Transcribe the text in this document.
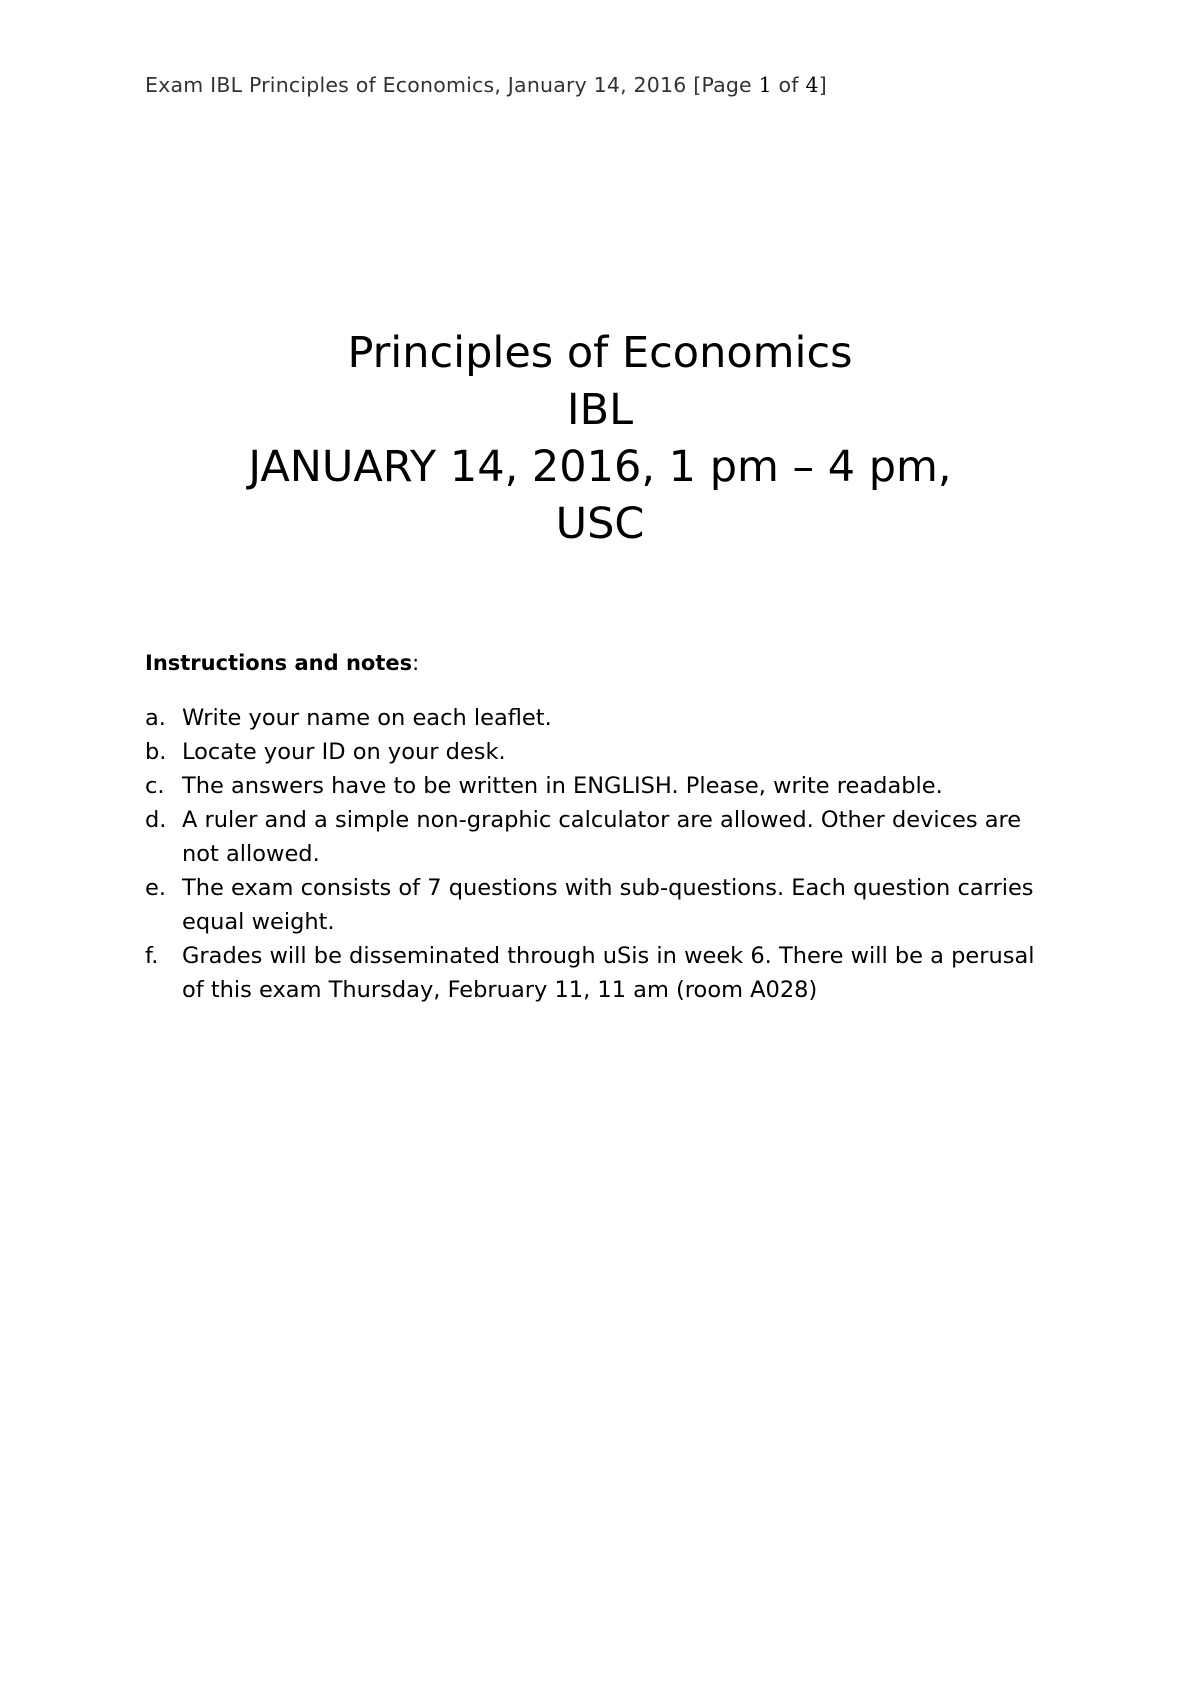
Exam IBL Principles of Economics, January 14, 2016 [Page 1 of 4]
Principles of Economics
IBL
JANUARY 14, 2016, 1 pm – 4 pm,
USC
Instructions and notes:
a. Write your name on each leaflet.
b. Locate your ID on your desk.
c. The answers have to be written in ENGLISH. Please, write readable.
d. A ruler and a simple non-graphic calculator are allowed. Other devices are not allowed.
e. The exam consists of 7 questions with sub-questions. Each question carries equal weight.
f.	Grades will be disseminated through uSis in week 6. There will be a perusal of this exam Thursday, February 11, 11 am (room A028)
